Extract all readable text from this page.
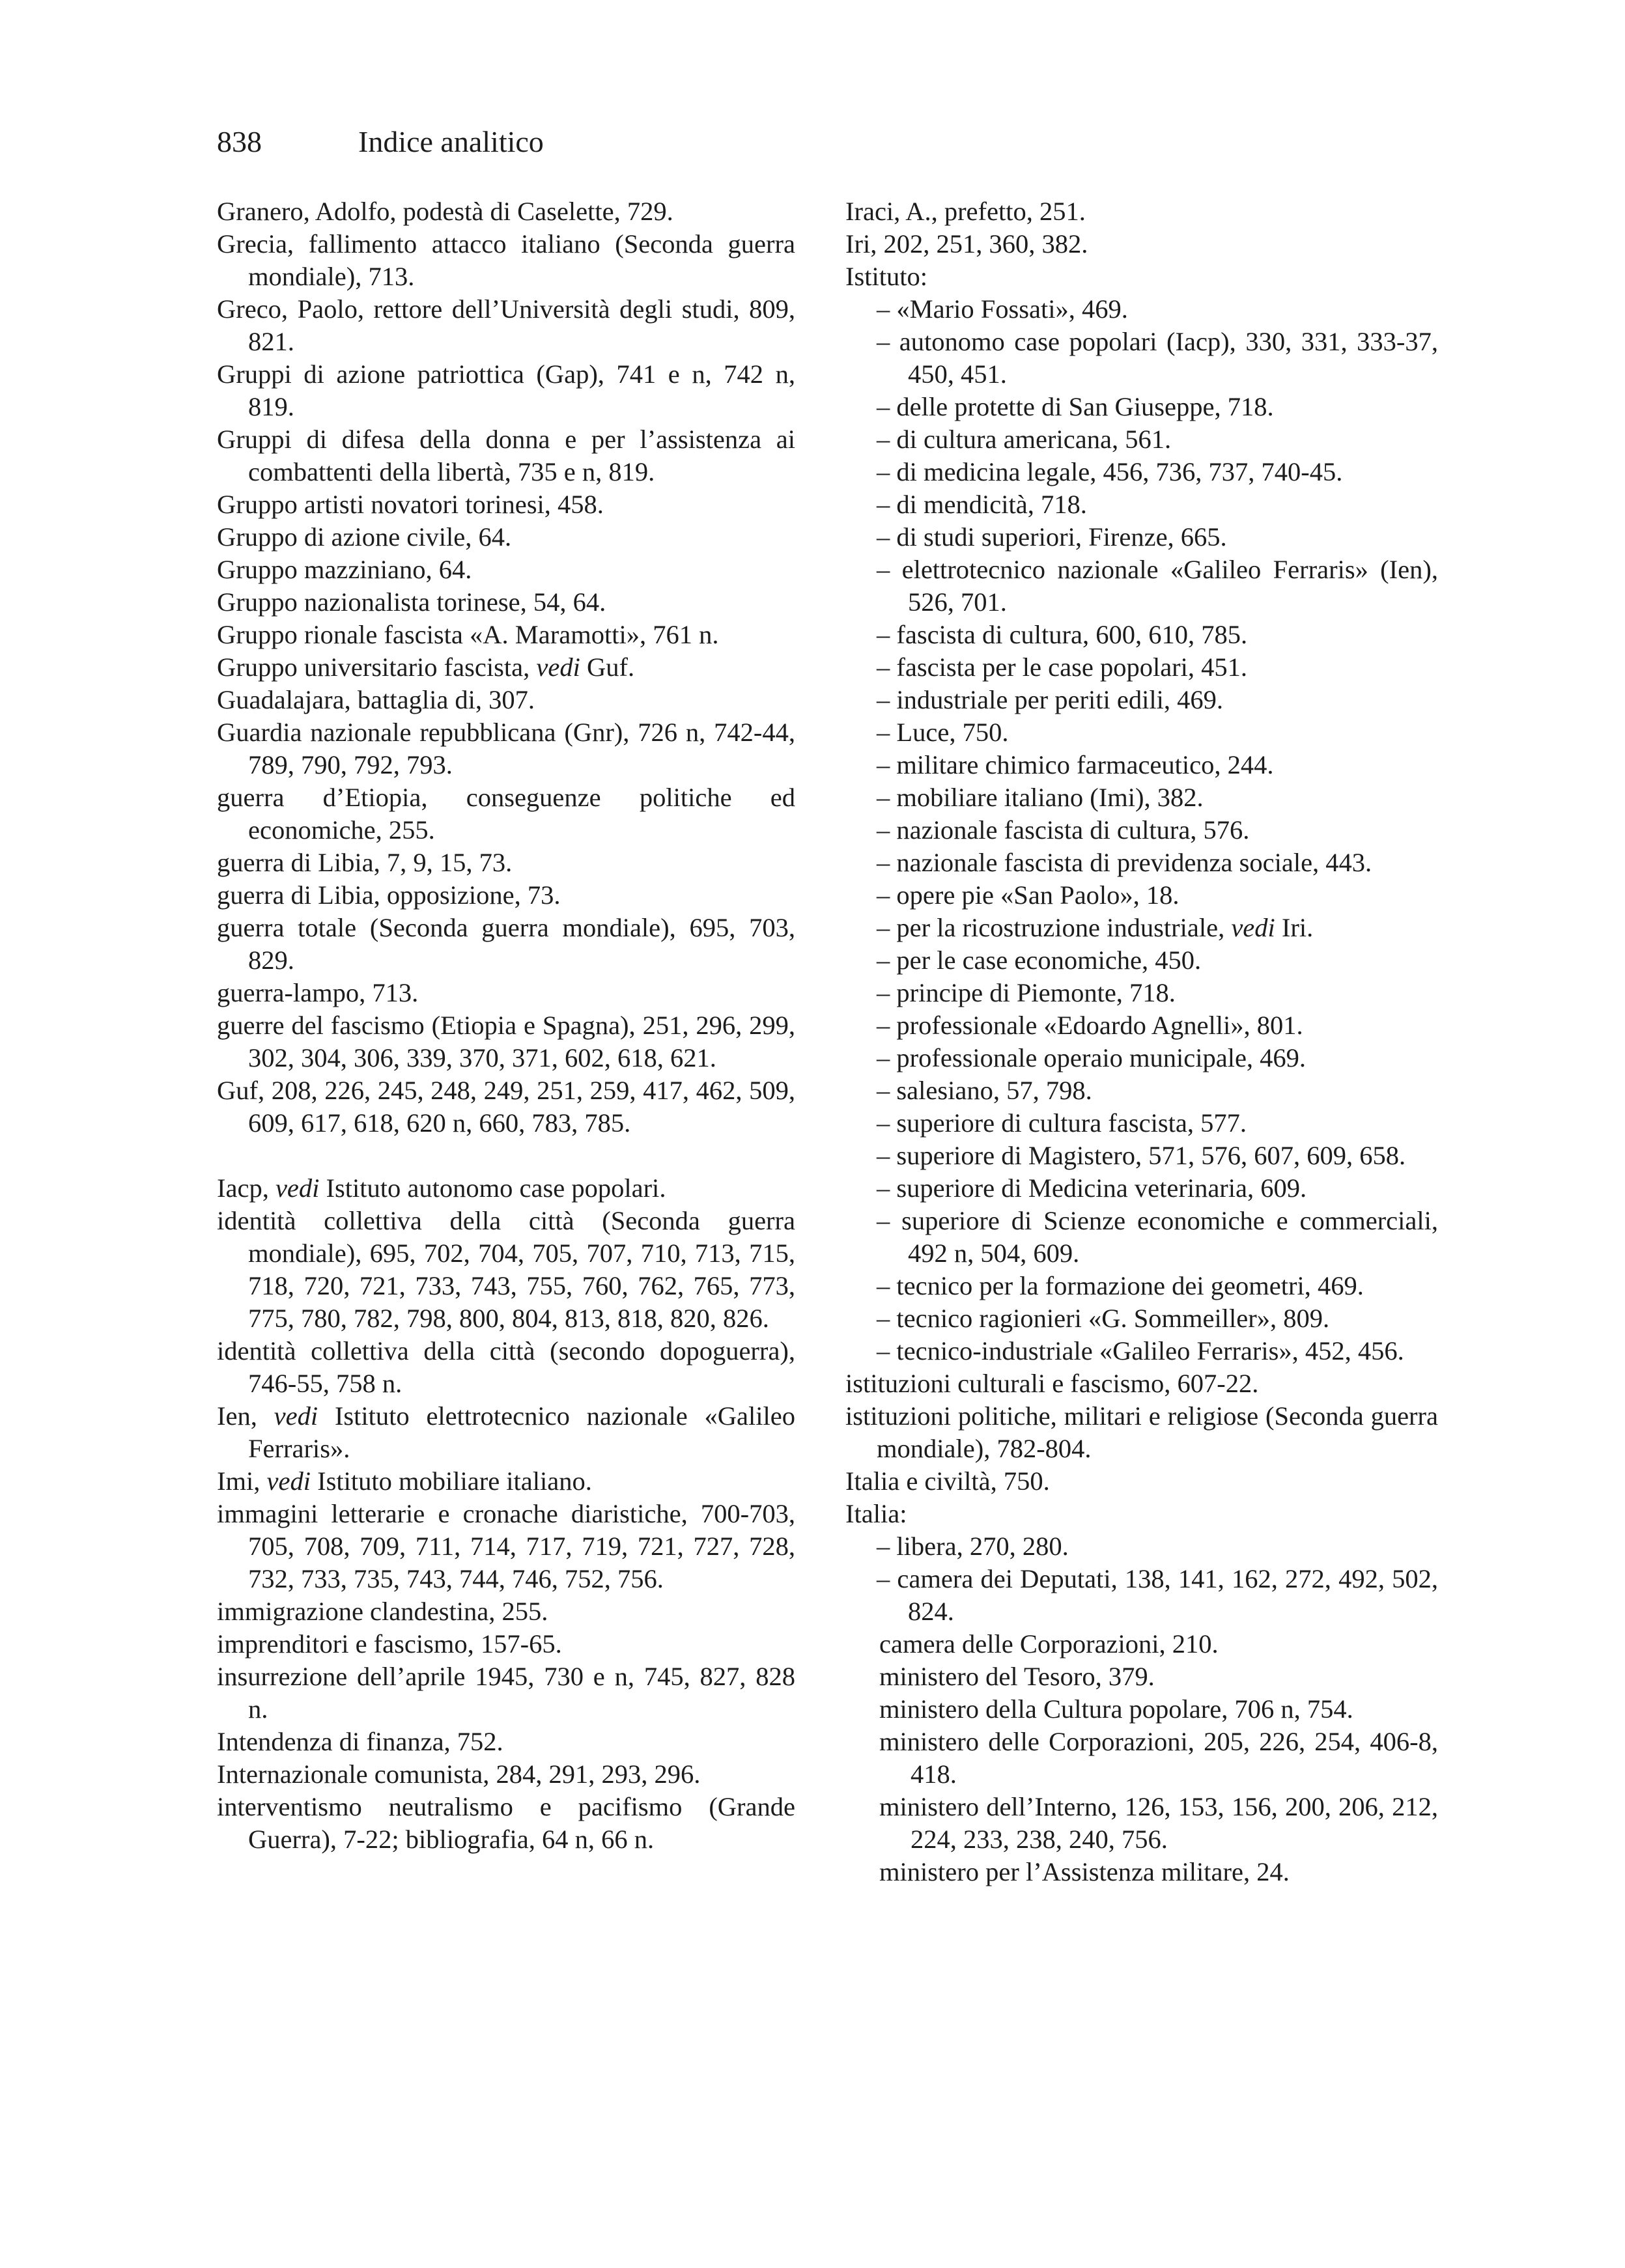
838	Indice analitico
Granero, Adolfo, podestà di Caselette, 729.
Grecia, fallimento attacco italiano (Seconda guerra mondiale), 713.
Greco, Paolo, rettore dell’Università degli studi, 809, 821.
Gruppi di azione patriottica (Gap), 741 e n, 742 n, 819.
Gruppi di difesa della donna e per l’assistenza ai combattenti della libertà, 735 e n, 819.
Gruppo artisti novatori torinesi, 458.
Gruppo di azione civile, 64.
Gruppo mazziniano, 64.
Gruppo nazionalista torinese, 54, 64.
Gruppo rionale fascista «A. Maramotti», 761 n.
Gruppo universitario fascista, vedi Guf.
Guadalajara, battaglia di, 307.
Guardia nazionale repubblicana (Gnr), 726 n, 742-44, 789, 790, 792, 793.
guerra d’Etiopia, conseguenze politiche ed economiche, 255.
guerra di Libia, 7, 9, 15, 73.
guerra di Libia, opposizione, 73.
guerra totale (Seconda guerra mondiale), 695, 703, 829.
guerra-lampo, 713.
guerre del fascismo (Etiopia e Spagna), 251, 296, 299, 302, 304, 306, 339, 370, 371, 602, 618, 621.
Guf, 208, 226, 245, 248, 249, 251, 259, 417, 462, 509, 609, 617, 618, 620 n, 660, 783, 785.
Iacp, vedi Istituto autonomo case popolari.
identità collettiva della città (Seconda guerra mondiale), 695, 702, 704, 705, 707, 710, 713, 715, 718, 720, 721, 733, 743, 755, 760, 762, 765, 773, 775, 780, 782, 798, 800, 804, 813, 818, 820, 826.
identità collettiva della città (secondo dopoguerra), 746-55, 758 n.
Ien, vedi Istituto elettrotecnico nazionale «Galileo Ferraris».
Imi, vedi Istituto mobiliare italiano.
immagini letterarie e cronache diaristiche, 700-703, 705, 708, 709, 711, 714, 717, 719, 721, 727, 728, 732, 733, 735, 743, 744, 746, 752, 756.
immigrazione clandestina, 255.
imprenditori e fascismo, 157-65.
insurrezione dell’aprile 1945, 730 e n, 745, 827, 828 n.
Intendenza di finanza, 752.
Internazionale comunista, 284, 291, 293, 296.
interventismo neutralismo e pacifismo (Grande Guerra), 7-22; bibliografia, 64 n, 66 n.
Iraci, A., prefetto, 251.
Iri, 202, 251, 360, 382.
Istituto:
– «Mario Fossati», 469.
– autonomo case popolari (Iacp), 330, 331, 333-37, 450, 451.
– delle protette di San Giuseppe, 718.
– di cultura americana, 561.
– di medicina legale, 456, 736, 737, 740-45.
– di mendicità, 718.
– di studi superiori, Firenze, 665.
– elettrotecnico nazionale «Galileo Ferraris» (Ien), 526, 701.
– fascista di cultura, 600, 610, 785.
– fascista per le case popolari, 451.
– industriale per periti edili, 469.
– Luce, 750.
– militare chimico farmaceutico, 244.
– mobiliare italiano (Imi), 382.
– nazionale fascista di cultura, 576.
– nazionale fascista di previdenza sociale, 443.
– opere pie «San Paolo», 18.
– per la ricostruzione industriale, vedi Iri.
– per le case economiche, 450.
– principe di Piemonte, 718.
– professionale «Edoardo Agnelli», 801.
– professionale operaio municipale, 469.
– salesiano, 57, 798.
– superiore di cultura fascista, 577.
– superiore di Magistero, 571, 576, 607, 609, 658.
– superiore di Medicina veterinaria, 609.
– superiore di Scienze economiche e commerciali, 492 n, 504, 609.
– tecnico per la formazione dei geometri, 469.
– tecnico ragionieri «G. Sommeiller», 809.
– tecnico-industriale «Galileo Ferraris», 452, 456.
istituzioni culturali e fascismo, 607-22.
istituzioni politiche, militari e religiose (Seconda guerra mondiale), 782-804.
Italia e civiltà, 750.
Italia:
– libera, 270, 280.
– camera dei Deputati, 138, 141, 162, 272, 492, 502, 824.
camera delle Corporazioni, 210.
ministero del Tesoro, 379.
ministero della Cultura popolare, 706 n, 754.
ministero delle Corporazioni, 205, 226, 254, 406-8, 418.
ministero dell’Interno, 126, 153, 156, 200, 206, 212, 224, 233, 238, 240, 756.
ministero per l’Assistenza militare, 24.
